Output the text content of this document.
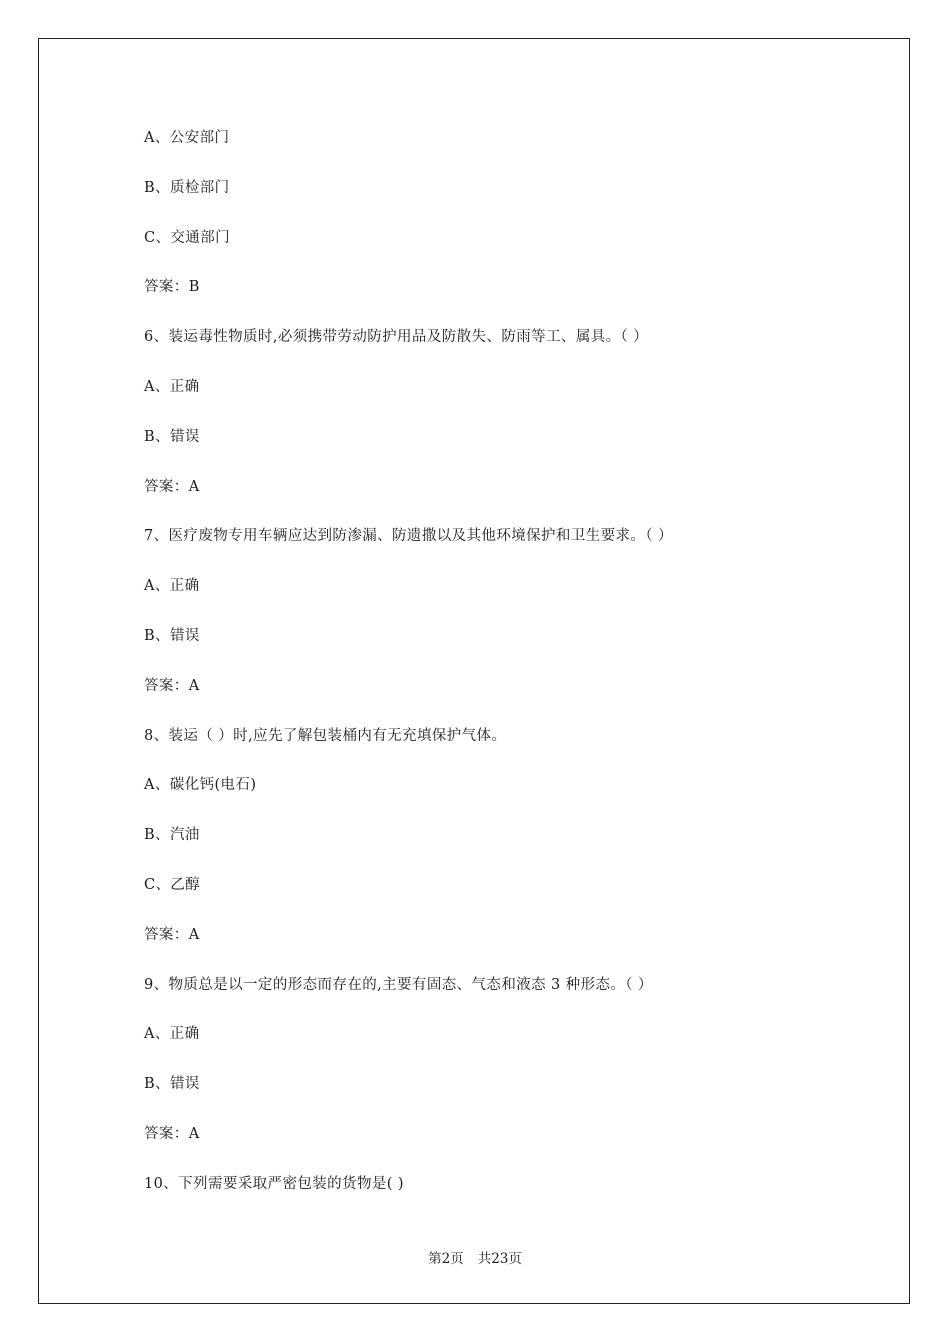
A、公安部门
B、质检部门
C、交通部门
答案：B
6、装运毒性物质时,必须携带劳动防护用品及防散失、防雨等工、属具。（ ）
A、正确
B、错误
答案：A
7、医疗废物专用车辆应达到防渗漏、防遗撒以及其他环境保护和卫生要求。（ ）
A、正确
B、错误
答案：A
8、装运（ ）时,应先了解包装桶内有无充填保护气体。
A、碳化钙(电石)
B、汽油
C、乙醇
答案：A
9、物质总是以一定的形态而存在的,主要有固态、气态和液态 3 种形态。（ ）
A、正确
B、错误
答案：A
10、下列需要采取严密包装的货物是( )
第2页 共23页
